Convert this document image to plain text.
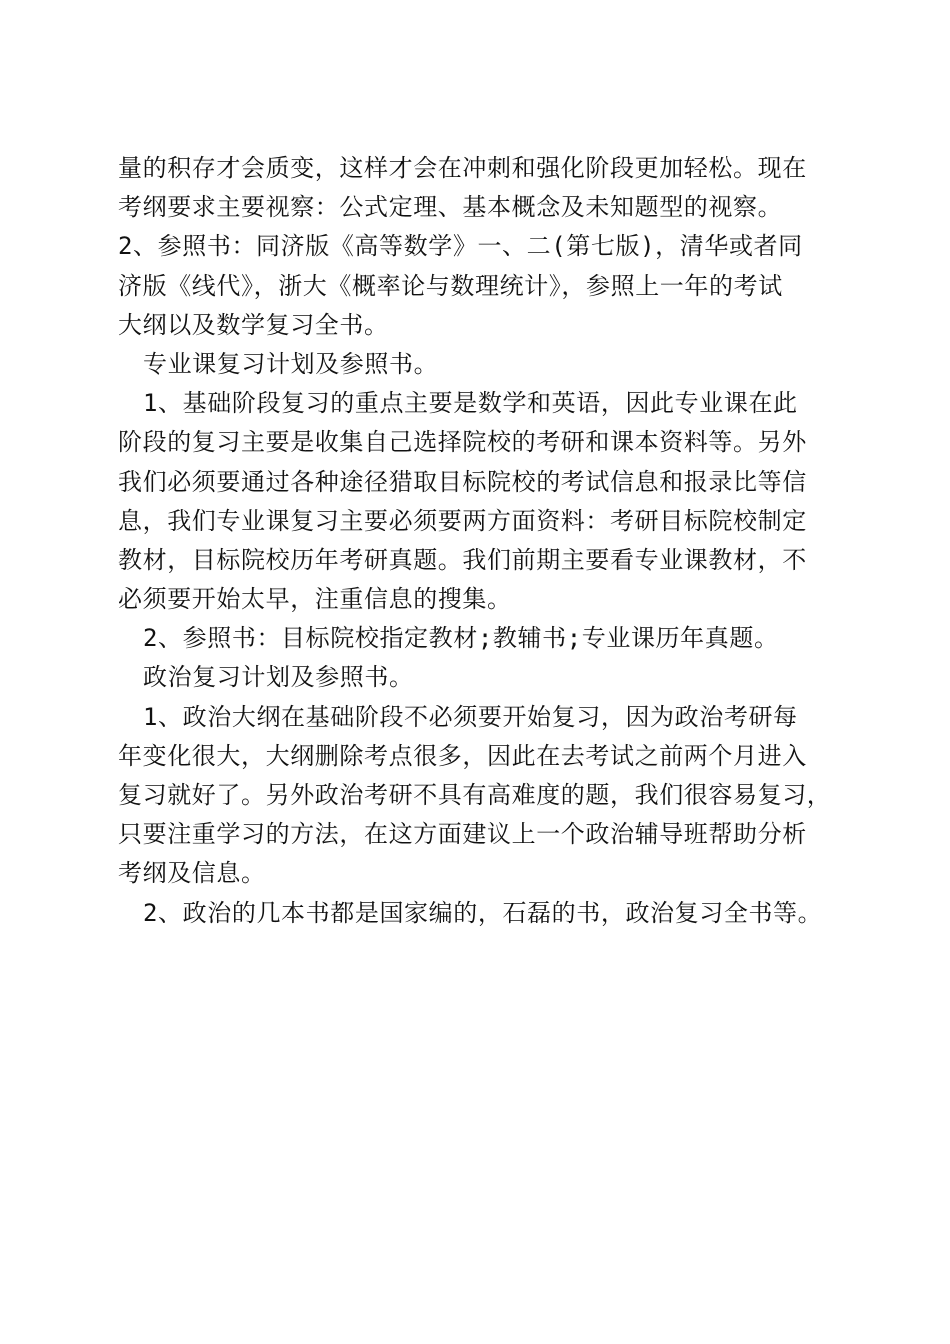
量的积存才会质变，这样才会在冲刺和强化阶段更加轻松。现在
考纲要求主要视察：公式定理、基本概念及未知题型的视察。
2、参照书：同济版《高等数学》一、二(第七版)，清华或者同
济版《线代》，浙大《概率论与数理统计》，参照上一年的考试
大纲以及数学复习全书。
专业课复习计划及参照书。
1、基础阶段复习的重点主要是数学和英语，因此专业课在此
阶段的复习主要是收集自己选择院校的考研和课本资料等。另外
我们必须要通过各种途径猎取目标院校的考试信息和报录比等信
息，我们专业课复习主要必须要两方面资料：考研目标院校制定
教材，目标院校历年考研真题。我们前期主要看专业课教材，不
必须要开始太早，注重信息的搜集。
2、参照书：目标院校指定教材;教辅书;专业课历年真题。
政治复习计划及参照书。
1、政治大纲在基础阶段不必须要开始复习，因为政治考研每
年变化很大，大纲删除考点很多，因此在去考试之前两个月进入
复习就好了。另外政治考研不具有高难度的题，我们很容易复习，
只要注重学习的方法，在这方面建议上一个政治辅导班帮助分析
考纲及信息。
2、政治的几本书都是国家编的，石磊的书，政治复习全书等。
